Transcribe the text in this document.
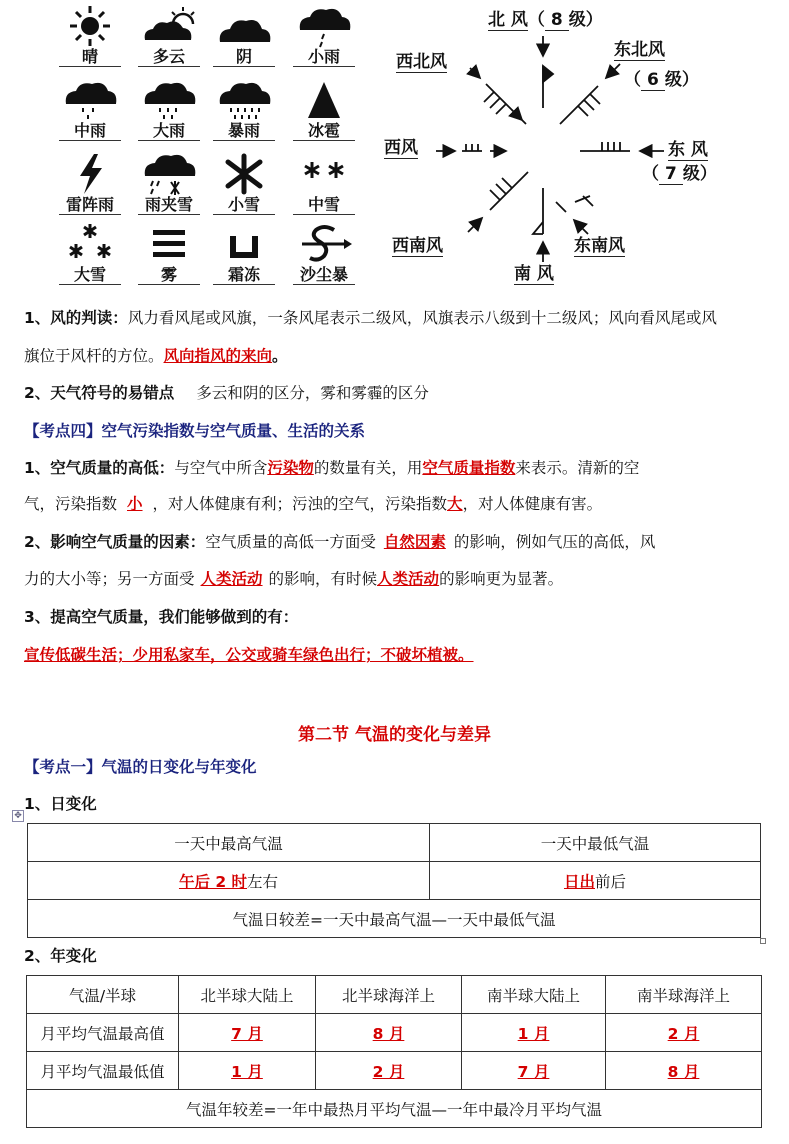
晴	多云	阴	小雨
中雨	大雨	暴雨	冰雹
雷阵雨	雨夹雪	小雪	中雪
大雪	雾	霜冻	沙尘暴
北 风（ 8 级）
东北风
（ 6 级）
西北风
西风	东 风
（ 7 级）
西南风	东南风
南 风
1、风的判读：风力看风尾或风旗，一条风尾表示二级风，风旗表示八级到十二级风；风向看风尾或风
旗位于风杆的方位。风向指风的来向。
2、天气符号的易错点 多云和阴的区分，雾和雾霾的区分
【考点四】空气污染指数与空气质量、生活的关系
1、空气质量的高低：与空气中所含污染物的数量有关，用空气质量指数来表示。清新的空
气，污染指数 小 ，对人体健康有利；污浊的空气，污染指数大，对人体健康有害。
2、影响空气质量的因素：空气质量的高低一方面受 自然因素 的影响，例如气压的高低，风
力的大小等；另一方面受 人类活动 的影响，有时候人类活动的影响更为显著。
3、提高空气质量，我们能够做到的有：
宣传低碳生活；少用私家车，公交或骑车绿色出行；不破坏植被。
第二节 气温的变化与差异
【考点一】气温的日变化与年变化
1、日变化
✥
一天中最高气温	一天中最低气温
午后 2 时左右	日出前后
气温日较差=一天中最高气温—一天中最低气温	
2、年变化
气温/半球	北半球大陆上	北半球海洋上	南半球大陆上	南半球海洋上
月平均气温最高值	7 月	8 月	1 月	2 月
月平均气温最低值	1 月	2 月	7 月	8 月
气温年较差=一年中最热月平均气温—一年中最冷月平均气温				
